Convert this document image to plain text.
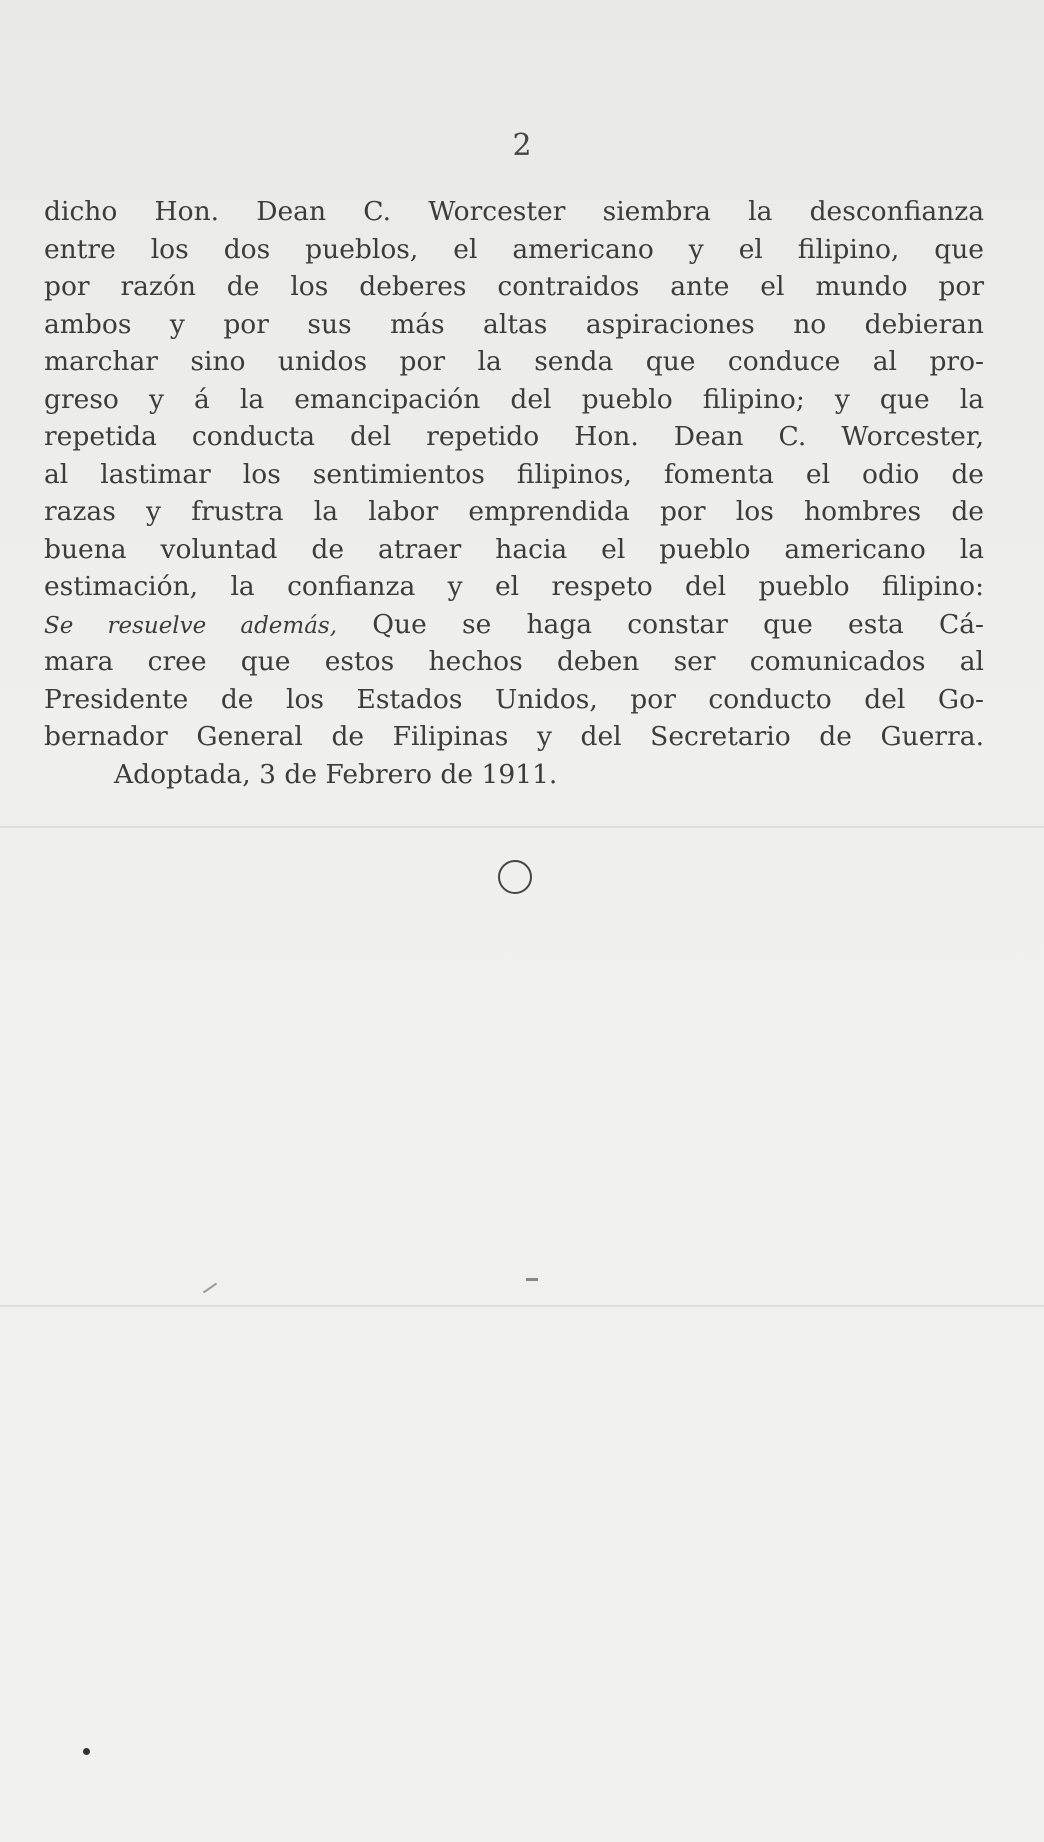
2
dicho Hon. Dean C. Worcester siembra la desconfianza
entre los dos pueblos, el americano y el filipino, que
por razón de los deberes contraidos ante el mundo por
ambos y por sus más altas aspiraciones no debieran
marchar sino unidos por la senda que conduce al pro-
greso y á la emancipación del pueblo filipino; y que la
repetida conducta del repetido Hon. Dean C. Worcester,
al lastimar los sentimientos filipinos, fomenta el odio de
razas y frustra la labor emprendida por los hombres de
buena voluntad de atraer hacia el pueblo americano la
estimación, la confianza y el respeto del pueblo filipino:
Se resuelve además, Que se haga constar que esta Cá-
mara cree que estos hechos deben ser comunicados al
Presidente de los Estados Unidos, por conducto del Go-
bernador General de Filipinas y del Secretario de Guerra.
Adoptada, 3 de Febrero de 1911.
